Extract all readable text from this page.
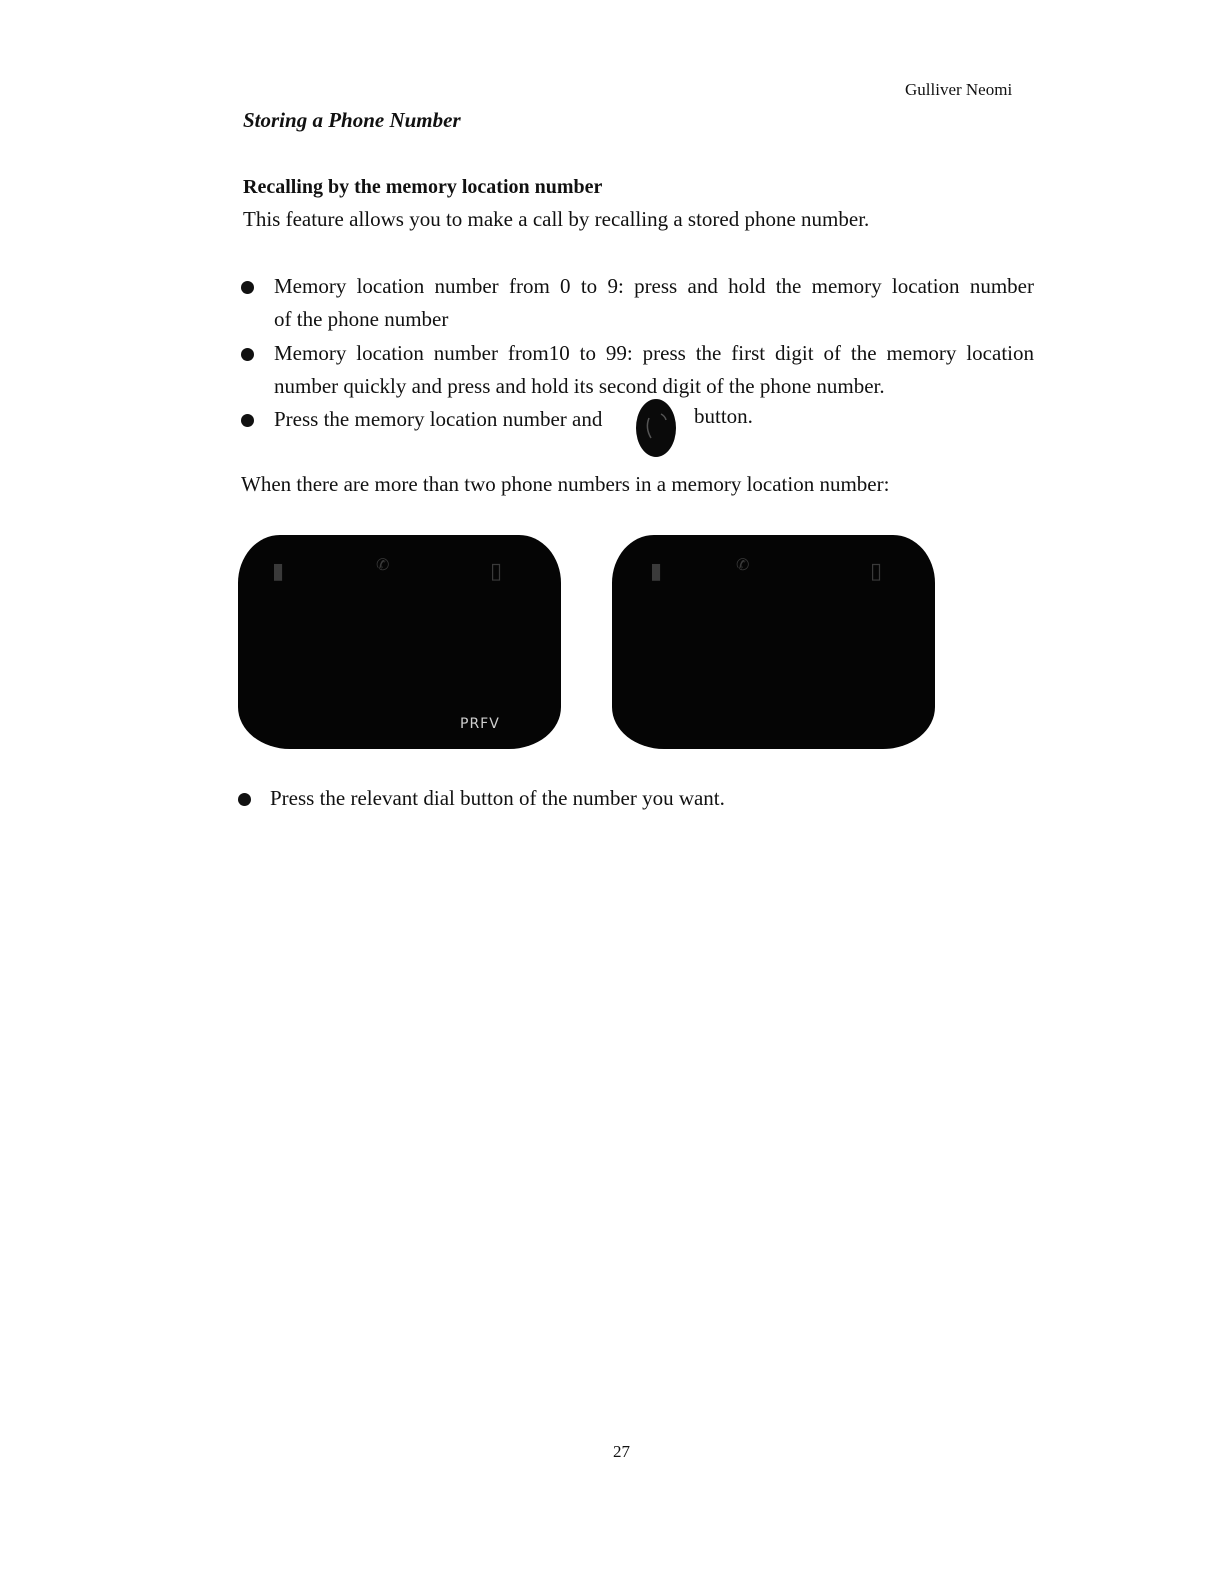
Gulliver Neomi
Storing a Phone Number
Recalling by the memory location number
This feature allows you to make a call by recalling a stored phone number.
Memory location number from 0 to 9: press and hold the memory location number
of the phone number
Memory location number from10 to 99: press the first digit of the memory location
number quickly and press and hold its second digit of the phone number.
Press the memory location number and	button.
When there are more than two phone numbers in a memory location number:
▮	✆	▯
PRFV
▮	✆	▯
Press the relevant dial button of the number you want.
27
